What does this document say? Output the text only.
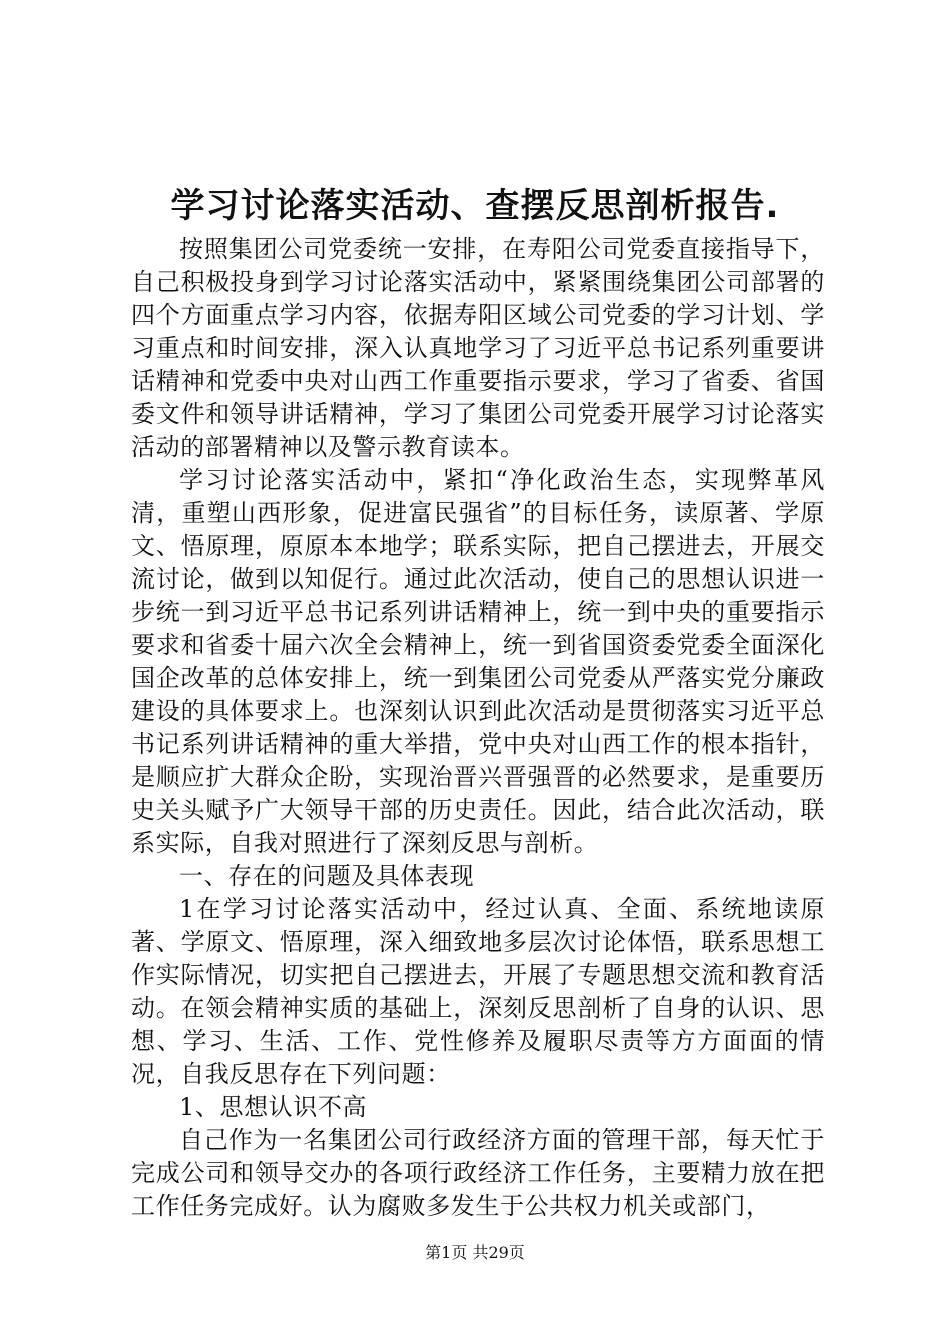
学习讨论落实活动、查摆反思剖析报告.

按照集团公司党委统一安排，在寿阳公司党委直接指导下，自己积极投身到学习讨论落实活动中，紧紧围绕集团公司部署的四个方面重点学习内容，依据寿阳区域公司党委的学习计划、学习重点和时间安排，深入认真地学习了习近平总书记系列重要讲话精神和党委中央对山西工作重要指示要求，学习了省委、省国委文件和领导讲话精神，学习了集团公司党委开展学习讨论落实活动的部署精神以及警示教育读本。

学习讨论落实活动中，紧扣“净化政治生态，实现弊革风清，重塑山西形象，促进富民强省”的目标任务，读原著、学原文、悟原理，原原本本地学；联系实际，把自己摆进去，开展交流讨论，做到以知促行。通过此次活动，使自己的思想认识进一步统一到习近平总书记系列讲话精神上，统一到中央的重要指示要求和省委十届六次全会精神上，统一到省国资委党委全面深化国企改革的总体安排上，统一到集团公司党委从严落实党分廉政建设的具体要求上。也深刻认识到此次活动是贯彻落实习近平总书记系列讲话精神的重大举措，党中央对山西工作的根本指针，是顺应扩大群众企盼，实现治晋兴晋强晋的必然要求，是重要历史关头赋予广大领导干部的历史责任。因此，结合此次活动，联系实际，自我对照进行了深刻反思与剖析。

一、存在的问题及具体表现

1在学习讨论落实活动中，经过认真、全面、系统地读原著、学原文、悟原理，深入细致地多层次讨论体悟，联系思想工作实际情况，切实把自己摆进去，开展了专题思想交流和教育活动。在领会精神实质的基础上，深刻反思剖析了自身的认识、思想、学习、生活、工作、党性修养及履职尽责等方方面面的情况，自我反思存在下列问题：

1、思想认识不高

自己作为一名集团公司行政经济方面的管理干部，每天忙于完成公司和领导交办的各项行政经济工作任务，主要精力放在把工作任务完成好。认为腐败多发生于公共权力机关或部门，

第1页 共29页
